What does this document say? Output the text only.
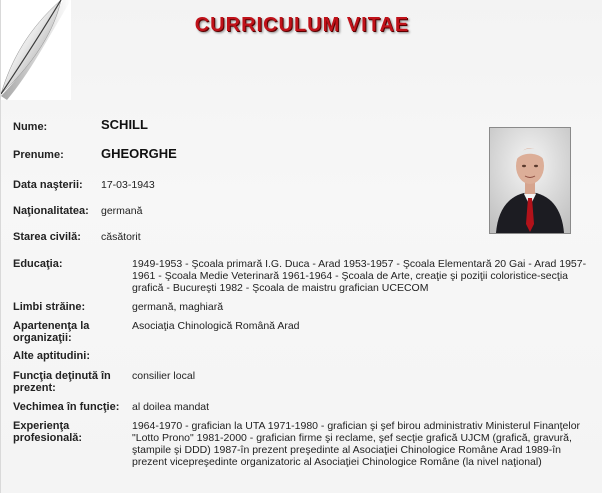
CURRICULUM VITAE
Nume:	SCHILL
Prenume:	GHEORGHE
Data naşterii: 17-03-1943
Naţionalitatea: germană
Starea civilă: căsătorit
Educaţia:	1949-1953 - Şcoala primară I.G. Duca - Arad 1953-1957 - Şcoala Elementară 20 Gai - Arad 1957-1961 - Şcoala Medie Veterinară 1961-1964 - Şcoala de Arte, creaţie şi poziţii coloristice-secţia grafică - Bucureşti 1982 - Şcoala de maistru grafician UCECOM
Limbi străine:	germană, maghiară
Apartenenţa la organizaţii:
Asociaţia Chinologică Română Arad
Alte aptitudini:
Funcţia deţinută în prezent:
consilier local
Vechimea în funcţie: al doilea mandat
Experienţa profesională:
1964-1970 - grafician la UTA 1971-1980 - grafician şi şef birou administrativ Ministerul Finanţelor "Lotto Prono" 1981-2000 - grafician firme şi reclame, şef secţie grafică UJCM (grafică, gravură, ştampile şi DDD) 1987-în prezent preşedinte al Asociaţiei Chinologice Române Arad 1989-în prezent vicepreşedinte organizatoric al Asociaţiei Chinologice Române (la nivel naţional)
